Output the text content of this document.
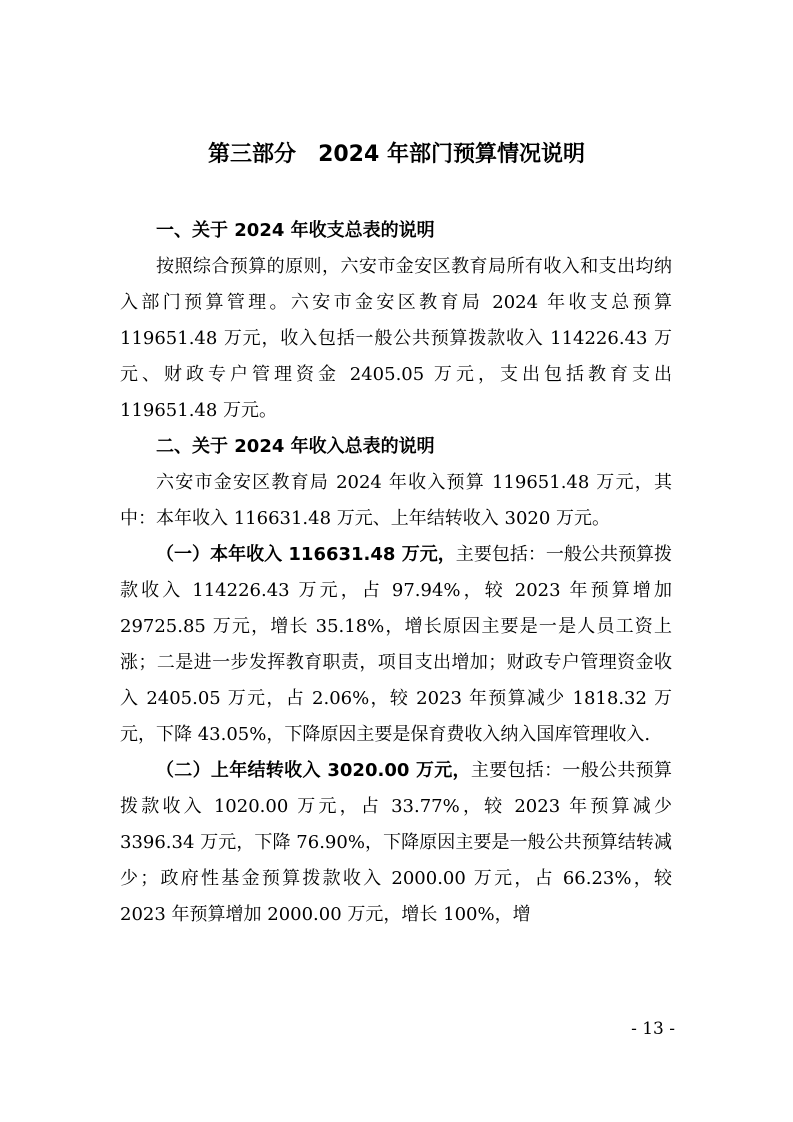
第三部分 2024 年部门预算情况说明

一、关于 2024 年收支总表的说明

按照综合预算的原则，六安市金安区教育局所有收入和支出均纳入部门预算管理。六安市金安区教育局 2024 年收支总预算 119651.48 万元，收入包括一般公共预算拨款收入 114226.43 万元、财政专户管理资金 2405.05 万元，支出包括教育支出 119651.48 万元。

二、关于 2024 年收入总表的说明

六安市金安区教育局 2024 年收入预算 119651.48 万元，其中：本年收入 116631.48 万元、上年结转收入 3020 万元。

（一）本年收入 116631.48 万元，主要包括：一般公共预算拨款收入 114226.43 万元，占 97.94%，较 2023 年预算增加 29725.85 万元，增长 35.18%，增长原因主要是一是人员工资上涨；二是进一步发挥教育职责，项目支出增加；财政专户管理资金收入 2405.05 万元，占 2.06%，较 2023 年预算减少 1818.32 万元，下降 43.05%，下降原因主要是保育费收入纳入国库管理收入.

（二）上年结转收入 3020.00 万元，主要包括：一般公共预算拨款收入 1020.00 万元，占 33.77%，较 2023 年预算减少 3396.34 万元，下降 76.90%，下降原因主要是一般公共预算结转减少；政府性基金预算拨款收入 2000.00 万元，占 66.23%，较 2023 年预算增加 2000.00 万元，增长 100%，增

- 13 -
